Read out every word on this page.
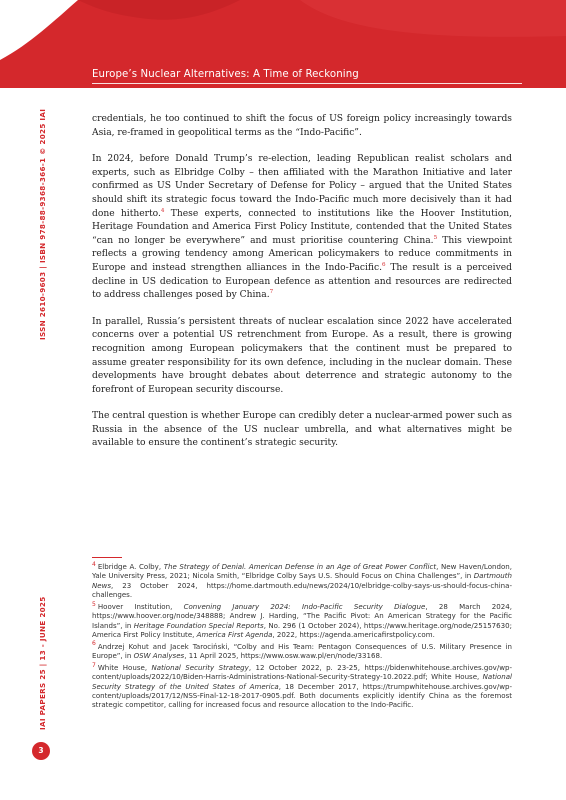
Europe’s Nuclear Alternatives: A Time of Reckoning
ISSN 2610-9603 | ISBN 978-88-9368-366-1 © 2025 IAI
IAI PAPERS 25 | 13 - JUNE 2025
3

credentials, he too continued to shift the focus of US foreign policy increasingly towards Asia, re-framed in geopolitical terms as the “Indo-Pacific”.

In 2024, before Donald Trump’s re-election, leading Republican realist scholars and experts, such as Elbridge Colby – then affiliated with the Marathon Initiative and later confirmed as US Under Secretary of Defense for Policy – argued that the United States should shift its strategic focus toward the Indo-Pacific much more decisively than it had done hitherto.$^4$ These experts, connected to institutions like the Hoover Institution, Heritage Foundation and America First Policy Institute, contended that the United States “can no longer be everywhere” and must prioritise countering China.$^5$ This viewpoint reflects a growing tendency among American policymakers to reduce commitments in Europe and instead strengthen alliances in the Indo-Pacific.$^6$ The result is a perceived decline in US dedication to European defence as attention and resources are redirected to address challenges posed by China.$^7$

In parallel, Russia’s persistent threats of nuclear escalation since 2022 have accelerated concerns over a potential US retrenchment from Europe. As a result, there is growing recognition among European policymakers that the continent must be prepared to assume greater responsibility for its own defence, including in the nuclear domain. These developments have brought debates about deterrence and strategic autonomy to the forefront of European security discourse.

The central question is whether Europe can credibly deter a nuclear-armed power such as Russia in the absence of the US nuclear umbrella, and what alternatives might be available to ensure the continent’s strategic security.

4 Elbridge A. Colby, The Strategy of Denial. American Defense in an Age of Great Power Conflict, New Haven/London, Yale University Press, 2021; Nicola Smith, “Elbridge Colby Says U.S. Should Focus on China Challenges”, in Dartmouth News, 23 October 2024, https://home.dartmouth.edu/news/2024/10/elbridge-colby-says-us-should-focus-china-challenges.

5 Hoover Institution, Convening January 2024: Indo-Pacific Security Dialogue, 28 March 2024, https://www.hoover.org/node/348888; Andrew J. Harding, “The Pacific Pivot: An American Strategy for the Pacific Islands”, in Heritage Foundation Special Reports, No. 296 (1 October 2024), https://www.heritage.org/node/25157630; America First Policy Institute, America First Agenda, 2022, https://agenda.americafirstpolicy.com.

6 Andrzej Kohut and Jacek Tarociński, “Colby and His Team: Pentagon Consequences of U.S. Military Presence in Europe”, in OSW Analyses, 11 April 2025, https://www.osw.waw.pl/en/node/33168.

7 White House, National Security Strategy, 12 October 2022, p. 23-25, https://bidenwhitehouse.archives.gov/wp-content/uploads/2022/10/Biden-Harris-Administrations-National-Security-Strategy-10.2022.pdf; White House, National Security Strategy of the United States of America, 18 December 2017, https://trumpwhitehouse.archives.gov/wp-content/uploads/2017/12/NSS-Final-12-18-2017-0905.pdf. Both documents explicitly identify China as the foremost strategic competitor, calling for increased focus and resource allocation to the Indo-Pacific.
